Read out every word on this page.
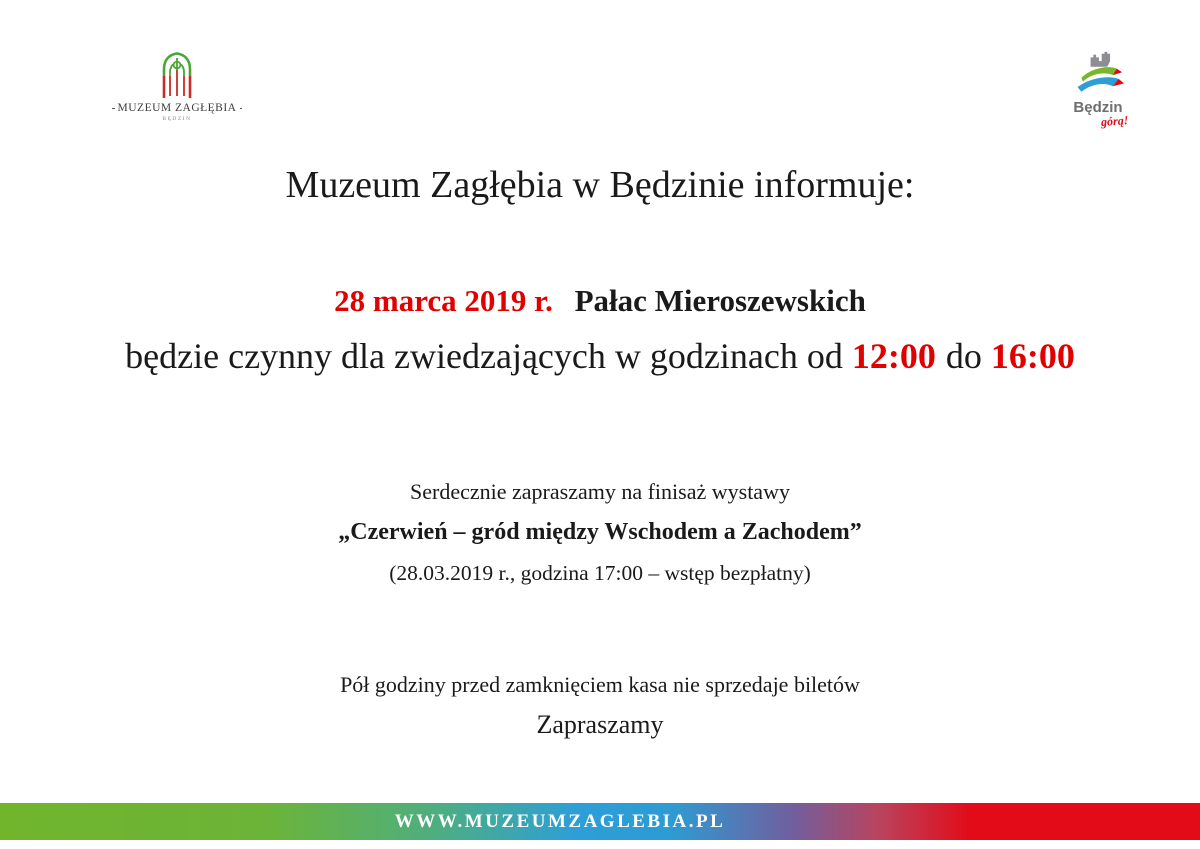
MUZEUM ZAGŁĘBIA
BĘDZIN
Będzin
górą!
Muzeum Zagłębia w Będzinie informuje:
28 marca 2019 r. Pałac Mieroszewskich
będzie czynny dla zwiedzających w godzinach od 12:00 do 16:00
Serdecznie zapraszamy na finisaż wystawy
„Czerwień – gród między Wschodem a Zachodem”
(28.03.2019 r., godzina 17:00 – wstęp bezpłatny)
Pół godziny przed zamknięciem kasa nie sprzedaje biletów
Zapraszamy
WWW.MUZEUMZAGLEBIA.PL
